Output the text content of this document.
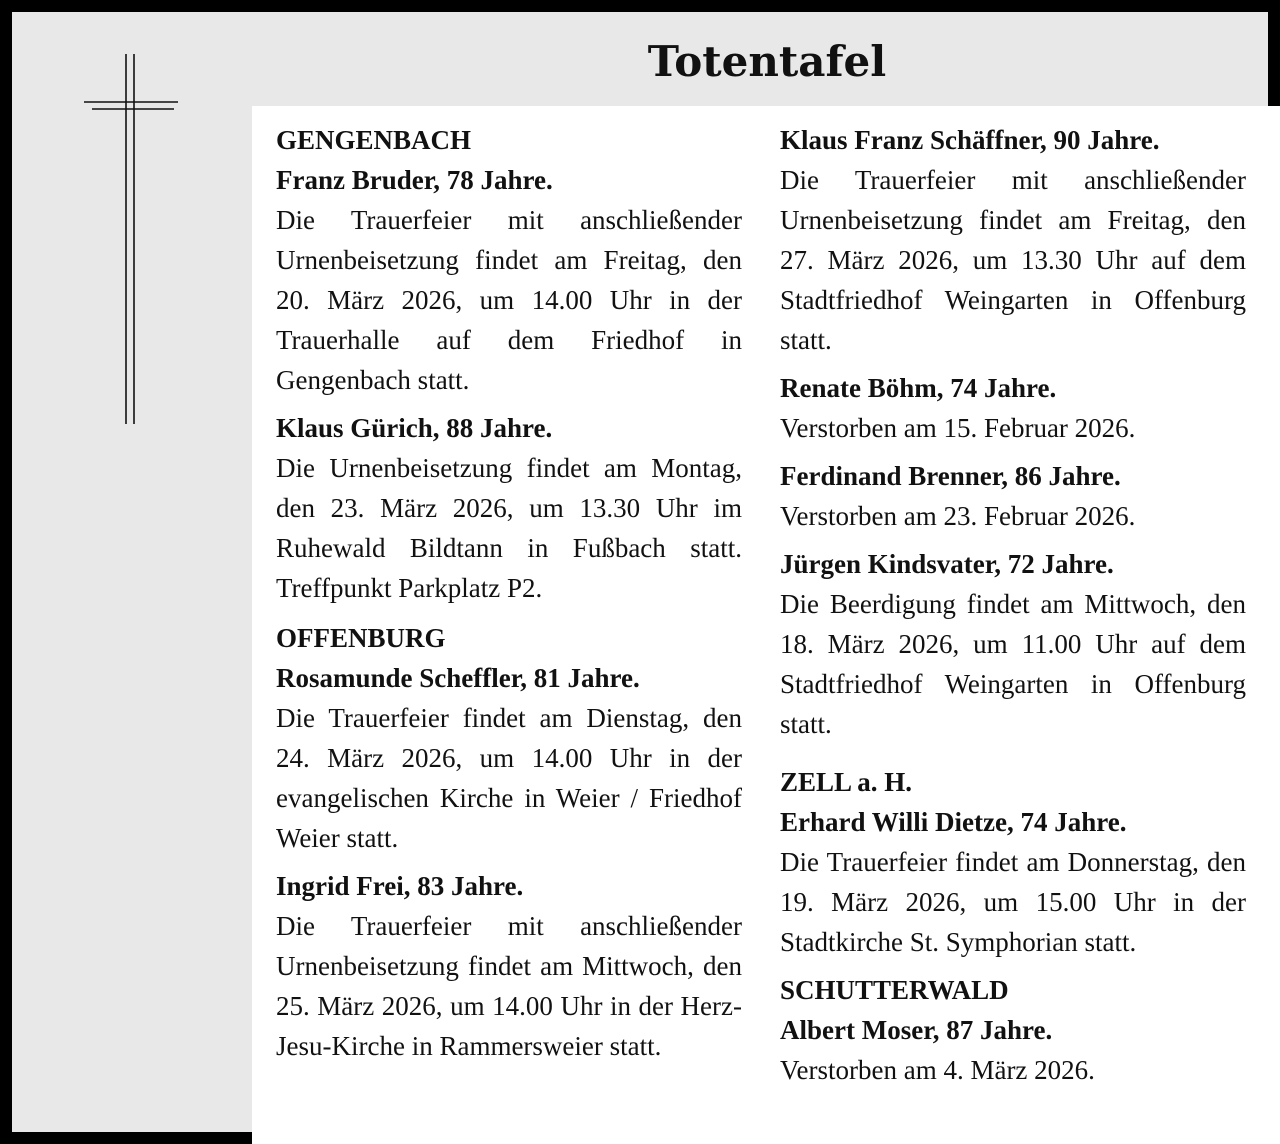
Totentafel
GENGENBACH
Franz Bruder, 78 Jahre.
Die Trauerfeier mit anschließender Urnenbeisetzung findet am Freitag, den 20. März 2026, um 14.00 Uhr in der Trauerhalle auf dem Friedhof in Gengenbach statt.
Klaus Gürich, 88 Jahre.
Die Urnenbeisetzung findet am Montag, den 23. März 2026, um 13.30 Uhr im Ruhewald Bildtann in Fußbach statt. Treffpunkt Parkplatz P2.
OFFENBURG
Rosamunde Scheffler, 81 Jahre.
Die Trauerfeier findet am Dienstag, den 24. März 2026, um 14.00 Uhr in der evangelischen Kirche in Weier / Friedhof Weier statt.
Ingrid Frei, 83 Jahre.
Die Trauerfeier mit anschließender Urnenbeisetzung findet am Mittwoch, den 25. März 2026, um 14.00 Uhr in der Herz-Jesu-Kirche in Rammersweier statt.
Klaus Franz Schäffner, 90 Jahre.
Die Trauerfeier mit anschließender Urnenbeisetzung findet am Freitag, den 27. März 2026, um 13.30 Uhr auf dem Stadtfriedhof Weingarten in Offenburg statt.
Renate Böhm, 74 Jahre.
Verstorben am 15. Februar 2026.
Ferdinand Brenner, 86 Jahre.
Verstorben am 23. Februar 2026.
Jürgen Kindsvater, 72 Jahre.
Die Beerdigung findet am Mittwoch, den 18. März 2026, um 11.00 Uhr auf dem Stadtfriedhof Weingarten in Offenburg statt.
ZELL a. H.
Erhard Willi Dietze, 74 Jahre.
Die Trauerfeier findet am Donnerstag, den 19. März 2026, um 15.00 Uhr in der Stadtkirche St. Symphorian statt.
SCHUTTERWALD
Albert Moser, 87 Jahre.
Verstorben am 4. März 2026.
